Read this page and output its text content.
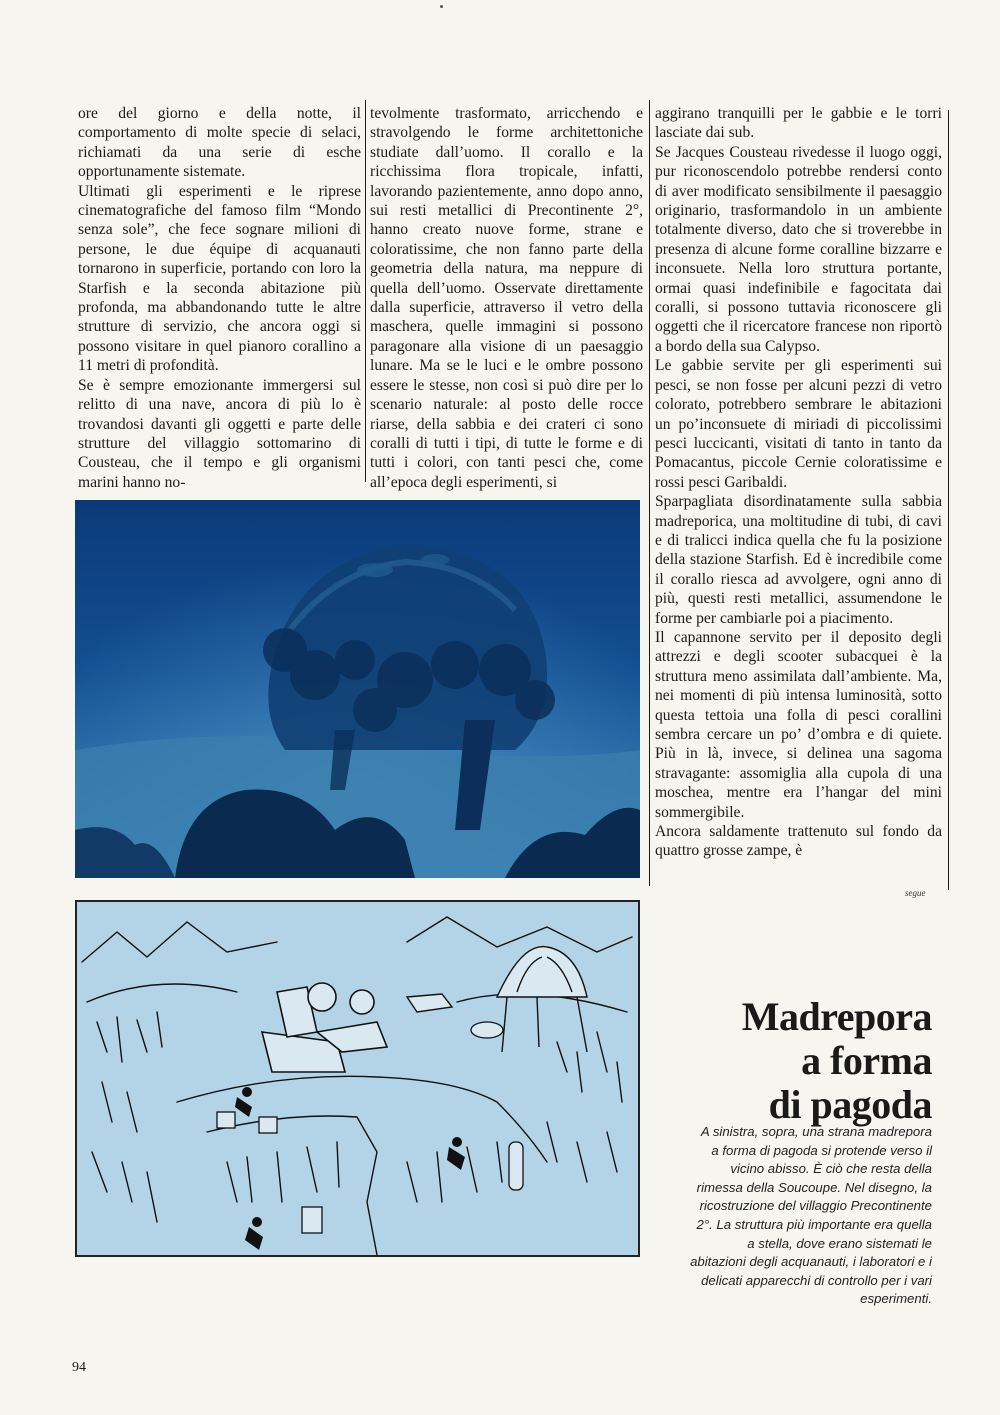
ore del giorno e della notte, il comportamento di molte specie di selaci, richiamati da una serie di esche opportunamente sistemate.

Ultimati gli esperimenti e le riprese cinematografiche del famoso film “Mondo senza sole”, che fece sognare milioni di persone, le due équipe di acquanauti tornarono in superficie, portando con loro la Starfish e la seconda abitazione più profonda, ma abbandonando tutte le altre strutture di servizio, che ancora oggi si possono visitare in quel pianoro corallino a 11 metri di profondità.

Se è sempre emozionante immergersi sul relitto di una nave, ancora di più lo è trovandosi davanti gli oggetti e parte delle strutture del villaggio sottomarino di Cousteau, che il tempo e gli organismi marini hanno no-

tevolmente trasformato, arricchendo e stravolgendo le forme architettoniche studiate dall’uomo. Il corallo e la ricchissima flora tropicale, infatti, lavorando pazientemente, anno dopo anno, sui resti metallici di Precontinente 2°, hanno creato nuove forme, strane e coloratissime, che non fanno parte della geometria della natura, ma neppure di quella dell’uomo. Osservate direttamente dalla superficie, attraverso il vetro della maschera, quelle immagini si possono paragonare alla visione di un paesaggio lunare. Ma se le luci e le ombre possono essere le stesse, non così si può dire per lo scenario naturale: al posto delle rocce riarse, della sabbia e dei crateri ci sono coralli di tutti i tipi, di tutte le forme e di tutti i colori, con tanti pesci che, come all’epoca degli esperimenti, si

aggirano tranquilli per le gabbie e le torri lasciate dai sub.

Se Jacques Cousteau rivedesse il luogo oggi, pur riconoscendolo potrebbe rendersi conto di aver modificato sensibilmente il paesaggio originario, trasformandolo in un ambiente totalmente diverso, dato che si troverebbe in presenza di alcune forme coralline bizzarre e inconsuete. Nella loro struttura portante, ormai quasi indefinibile e fagocitata dai coralli, si possono tuttavia riconoscere gli oggetti che il ricercatore francese non riportò a bordo della sua Calypso.

Le gabbie servite per gli esperimenti sui pesci, se non fosse per alcuni pezzi di vetro colorato, potrebbero sembrare le abitazioni un po’inconsuete di miriadi di piccolissimi pesci luccicanti, visitati di tanto in tanto da Pomacantus, piccole Cernie coloratissime e rossi pesci Garibaldi.

Sparpagliata disordinatamente sulla sabbia madreporica, una moltitudine di tubi, di cavi e di tralicci indica quella che fu la posizione della stazione Starfish. Ed è incredibile come il corallo riesca ad avvolgere, ogni anno di più, questi resti metallici, assumendone le forme per cambiarle poi a piacimento.

Il capannone servito per il deposito degli attrezzi e degli scooter subacquei è la struttura meno assimilata dall’ambiente. Ma, nei momenti di più intensa luminosità, sotto questa tettoia una folla di pesci corallini sembra cercare un po’ d’ombra e di quiete. Più in là, invece, si delinea una sagoma stravagante: assomiglia alla cupola di una moschea, mentre era l’hangar del mini sommergibile.

Ancora saldamente trattenuto sul fondo da quattro grosse zampe, è

segue
Madrepora
a forma
di pagoda
A sinistra, sopra, una strana madrepora a forma di pagoda si protende verso il vicino abisso. È ciò che resta della rimessa della Soucoupe. Nel disegno, la ricostruzione del villaggio Precontinente 2°. La struttura più importante era quella a stella, dove erano sistemati le abitazioni degli acquanauti, i laboratori e i delicati apparecchi di controllo per i vari esperimenti.
94
